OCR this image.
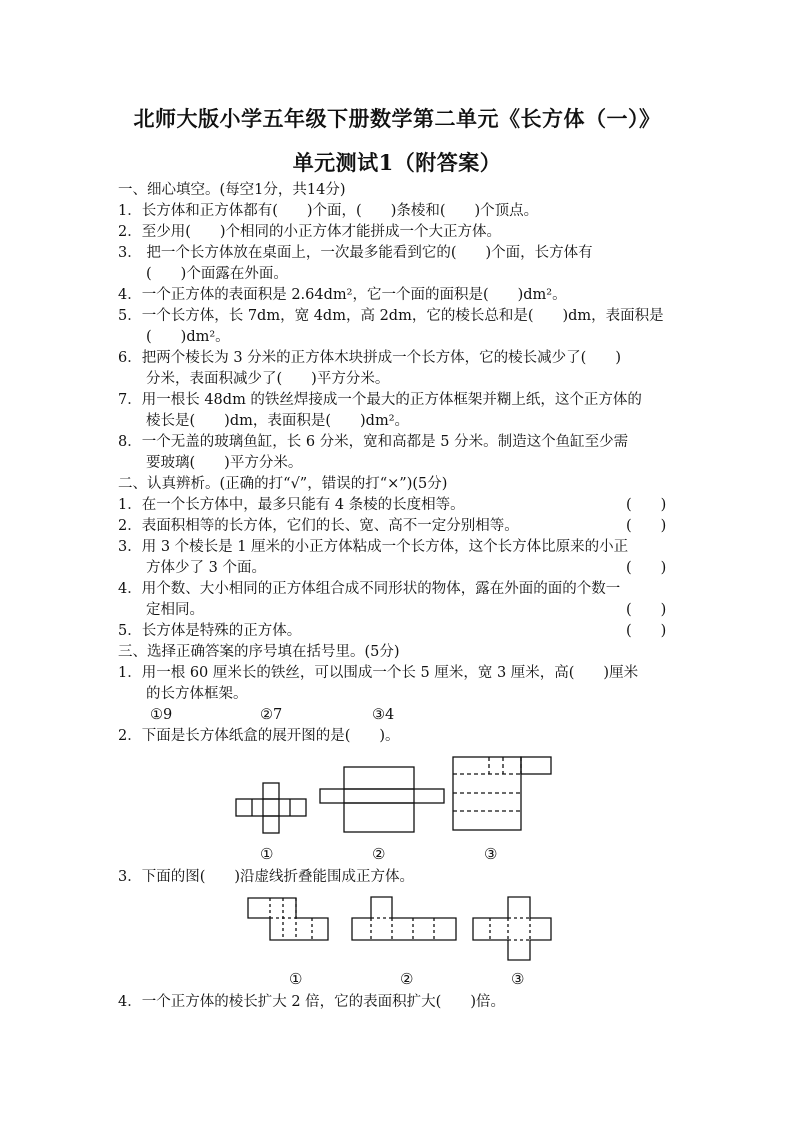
北师大版小学五年级下册数学第二单元《长方体（一）》
单元测试1（附答案）
一、细心填空。(每空1分，共14分)
1．长方体和正方体都有(　　)个面，(　　)条棱和(　　)个顶点。
2．至少用(　　)个相同的小正方体才能拼成一个大正方体。
3． 把一个长方体放在桌面上，一次最多能看到它的(　　)个面，长方体有
(　　)个面露在外面。
4．一个正方体的表面积是 2.64dm²，它一个面的面积是(　　)dm²。
5．一个长方体，长 7dm，宽 4dm，高 2dm，它的棱长总和是(　　)dm，表面积是
(　　)dm²。
6．把两个棱长为 3 分米的正方体木块拼成一个长方体，它的棱长减少了(　　)
分米，表面积减少了(　　)平方分米。
7．用一根长 48dm 的铁丝焊接成一个最大的正方体框架并糊上纸，这个正方体的
棱长是(　　)dm，表面积是(　　)dm²。
8．一个无盖的玻璃鱼缸，长 6 分米，宽和高都是 5 分米。制造这个鱼缸至少需
要玻璃(　　)平方分米。
二、认真辨析。(正确的打“√”，错误的打“×”)(5分)
1．在一个长方体中，最多只能有 4 条棱的长度相等。	(　　)
2．表面积相等的长方体，它们的长、宽、高不一定分别相等。	(　　)
3．用 3 个棱长是 1 厘米的小正方体粘成一个长方体，这个长方体比原来的小正
方体少了 3 个面。	(　　)
4．用个数、大小相同的正方体组合成不同形状的物体，露在外面的面的个数一
定相同。	(　　)
5．长方体是特殊的正方体。	(　　)
三、选择正确答案的序号填在括号里。(5分)
1．用一根 60 厘米长的铁丝，可以围成一个长 5 厘米，宽 3 厘米，高(　　)厘米
的长方体框架。
①9	②7	③4
2．下面是长方体纸盒的展开图的是(　　)。
①	②	③
3．下面的图(　　)沿虚线折叠能围成正方体。
①	②	③
4．一个正方体的棱长扩大 2 倍，它的表面积扩大(　　)倍。
